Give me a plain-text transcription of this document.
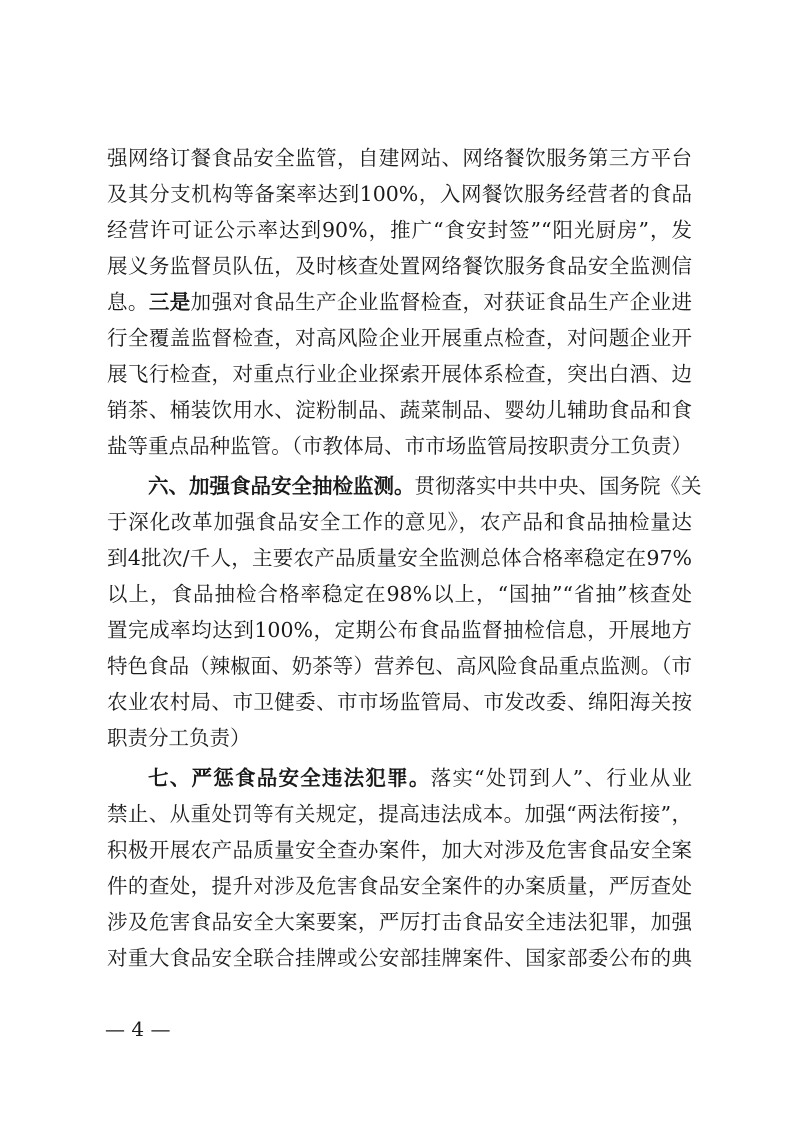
强网络订餐食品安全监管，自建网站、网络餐饮服务第三方平台
及其分支机构等备案率达到100%，入网餐饮服务经营者的食品
经营许可证公示率达到90%，推广“食安封签”“阳光厨房”，发
展义务监督员队伍，及时核查处置网络餐饮服务食品安全监测信
息。三是加强对食品生产企业监督检查，对获证食品生产企业进
行全覆盖监督检查，对高风险企业开展重点检查，对问题企业开
展飞行检查，对重点行业企业探索开展体系检查，突出白酒、边
销茶、桶装饮用水、淀粉制品、蔬菜制品、婴幼儿辅助食品和食
盐等重点品种监管。（市教体局、市市场监管局按职责分工负责）
六、加强食品安全抽检监测。贯彻落实中共中央、国务院《关
于深化改革加强食品安全工作的意见》，农产品和食品抽检量达
到4批次/千人，主要农产品质量安全监测总体合格率稳定在97%
以上，食品抽检合格率稳定在98%以上，“国抽”“省抽”核查处
置完成率均达到100%，定期公布食品监督抽检信息，开展地方
特色食品（辣椒面、奶茶等）营养包、高风险食品重点监测。（市
农业农村局、市卫健委、市市场监管局、市发改委、绵阳海关按
职责分工负责）
七、严惩食品安全违法犯罪。落实“处罚到人”、行业从业
禁止、从重处罚等有关规定，提高违法成本。加强“两法衔接”，
积极开展农产品质量安全查办案件，加大对涉及危害食品安全案
件的查处，提升对涉及危害食品安全案件的办案质量，严厉查处
涉及危害食品安全大案要案，严厉打击食品安全违法犯罪，加强
对重大食品安全联合挂牌或公安部挂牌案件、国家部委公布的典
— 4 —
